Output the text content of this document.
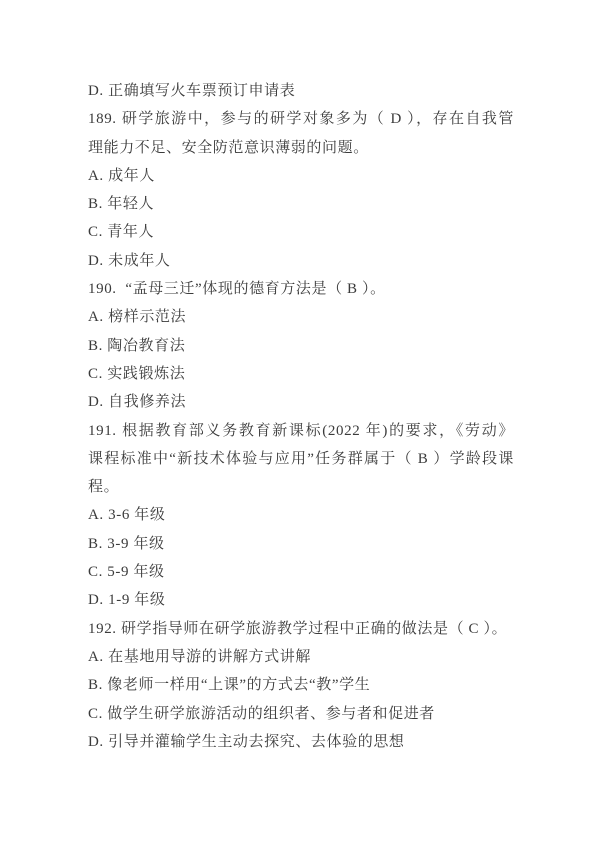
D. 正确填写火车票预订申请表
189. 研学旅游中，参与的研学对象多为（ D ），存在自我管
理能力不足、安全防范意识薄弱的问题。
A. 成年人
B. 年轻人
C. 青年人
D. 未成年人
190.  “孟母三迁”体现的德育方法是（ B ）。
A. 榜样示范法
B. 陶冶教育法
C. 实践锻炼法
D. 自我修养法
191. 根据教育部义务教育新课标(2022 年)的要求，《劳动》
课程标准中“新技术体验与应用”任务群属于（ B ）学龄段课
程。
A. 3-6 年级
B. 3-9 年级
C. 5-9 年级
D. 1-9 年级
192. 研学指导师在研学旅游教学过程中正确的做法是（ C ）。
A. 在基地用导游的讲解方式讲解
B. 像老师一样用“上课”的方式去“教”学生
C. 做学生研学旅游活动的组织者、参与者和促进者
D. 引导并灌输学生主动去探究、去体验的思想
